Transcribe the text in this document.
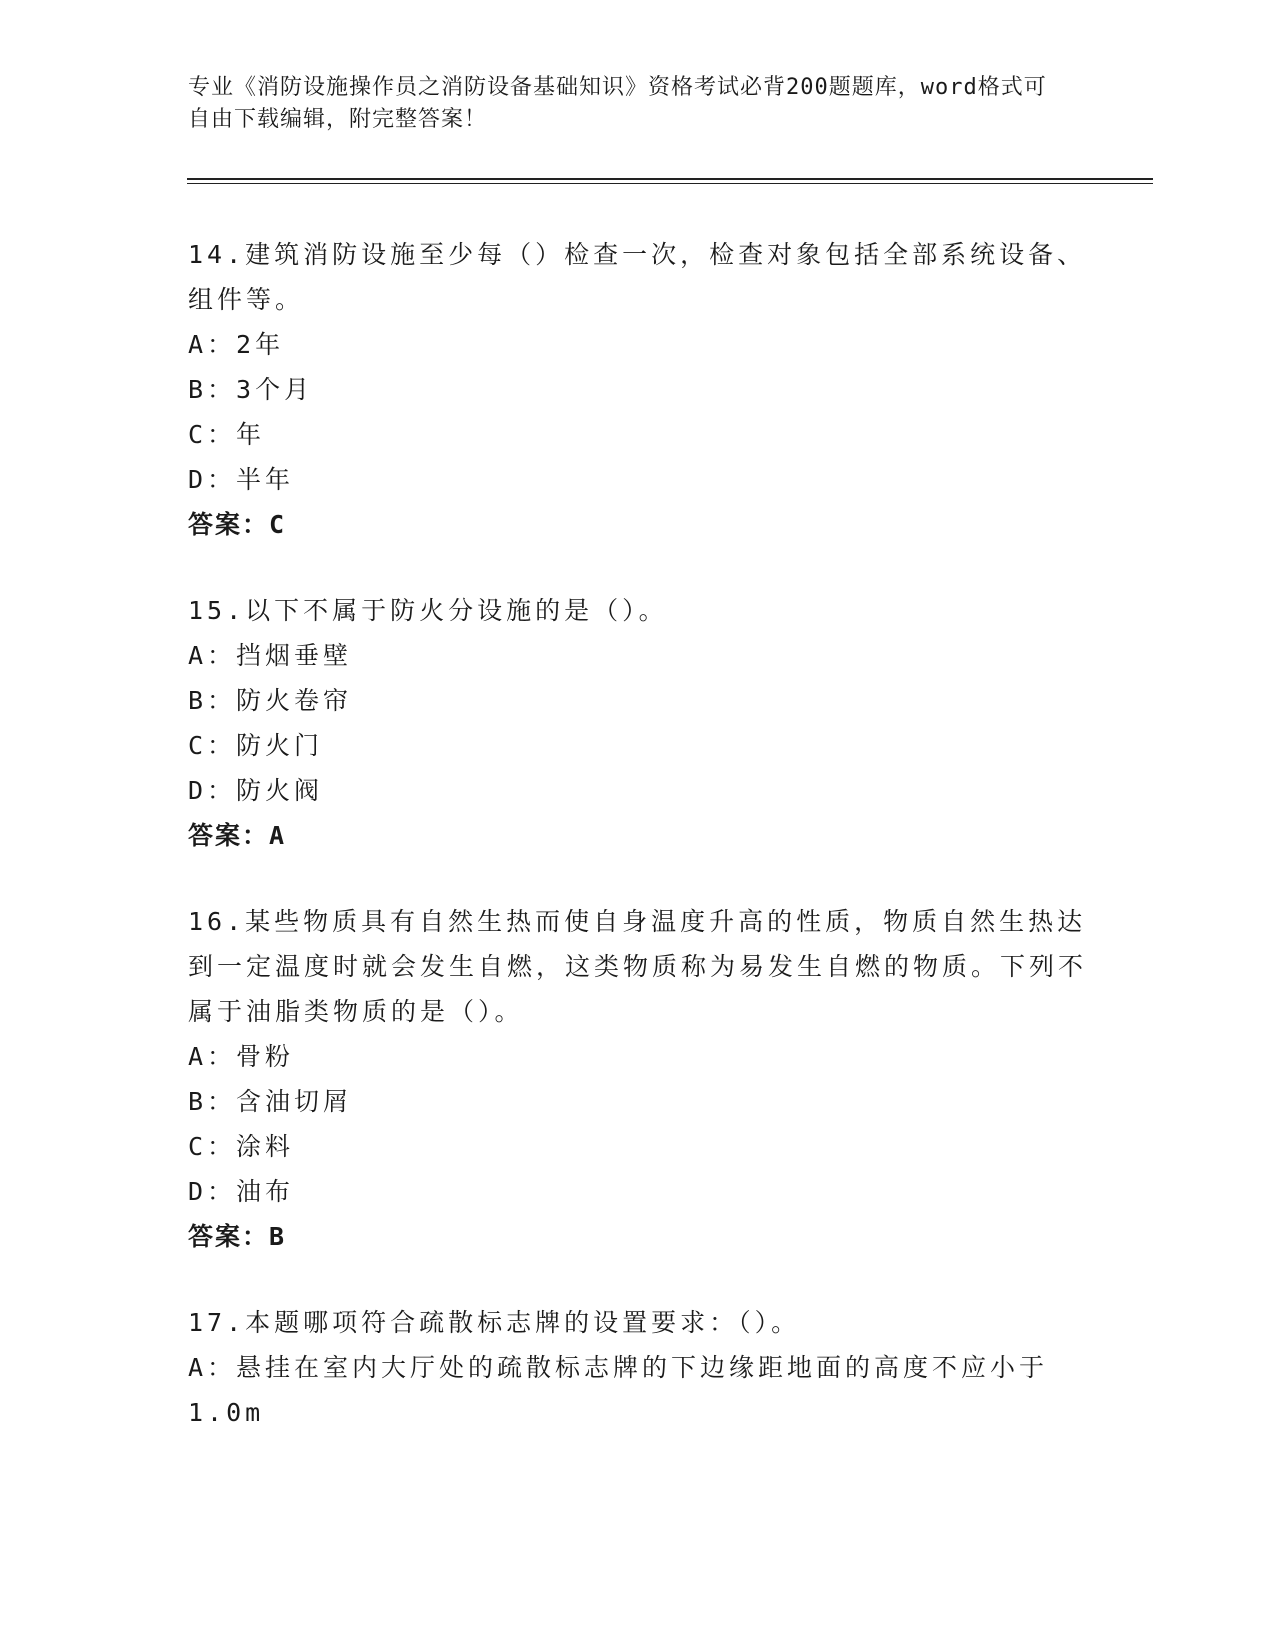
专业《消防设施操作员之消防设备基础知识》资格考试必背200题题库，word格式可自由下载编辑，附完整答案！

14.建筑消防设施至少每（）检查一次，检查对象包括全部系统设备、组件等。

A：2年
B：3个月
C：年
D：半年
答案：C

15.以下不属于防火分设施的是（）。

A：挡烟垂壁
B：防火卷帘
C：防火门
D：防火阀
答案：A

16.某些物质具有自然生热而使自身温度升高的性质，物质自然生热达到一定温度时就会发生自燃，这类物质称为易发生自燃的物质。下列不属于油脂类物质的是（）。

A：骨粉
B：含油切屑
C：涂料
D：油布
答案：B

17.本题哪项符合疏散标志牌的设置要求：（）。

A：悬挂在室内大厅处的疏散标志牌的下边缘距地面的高度不应小于1.0m
